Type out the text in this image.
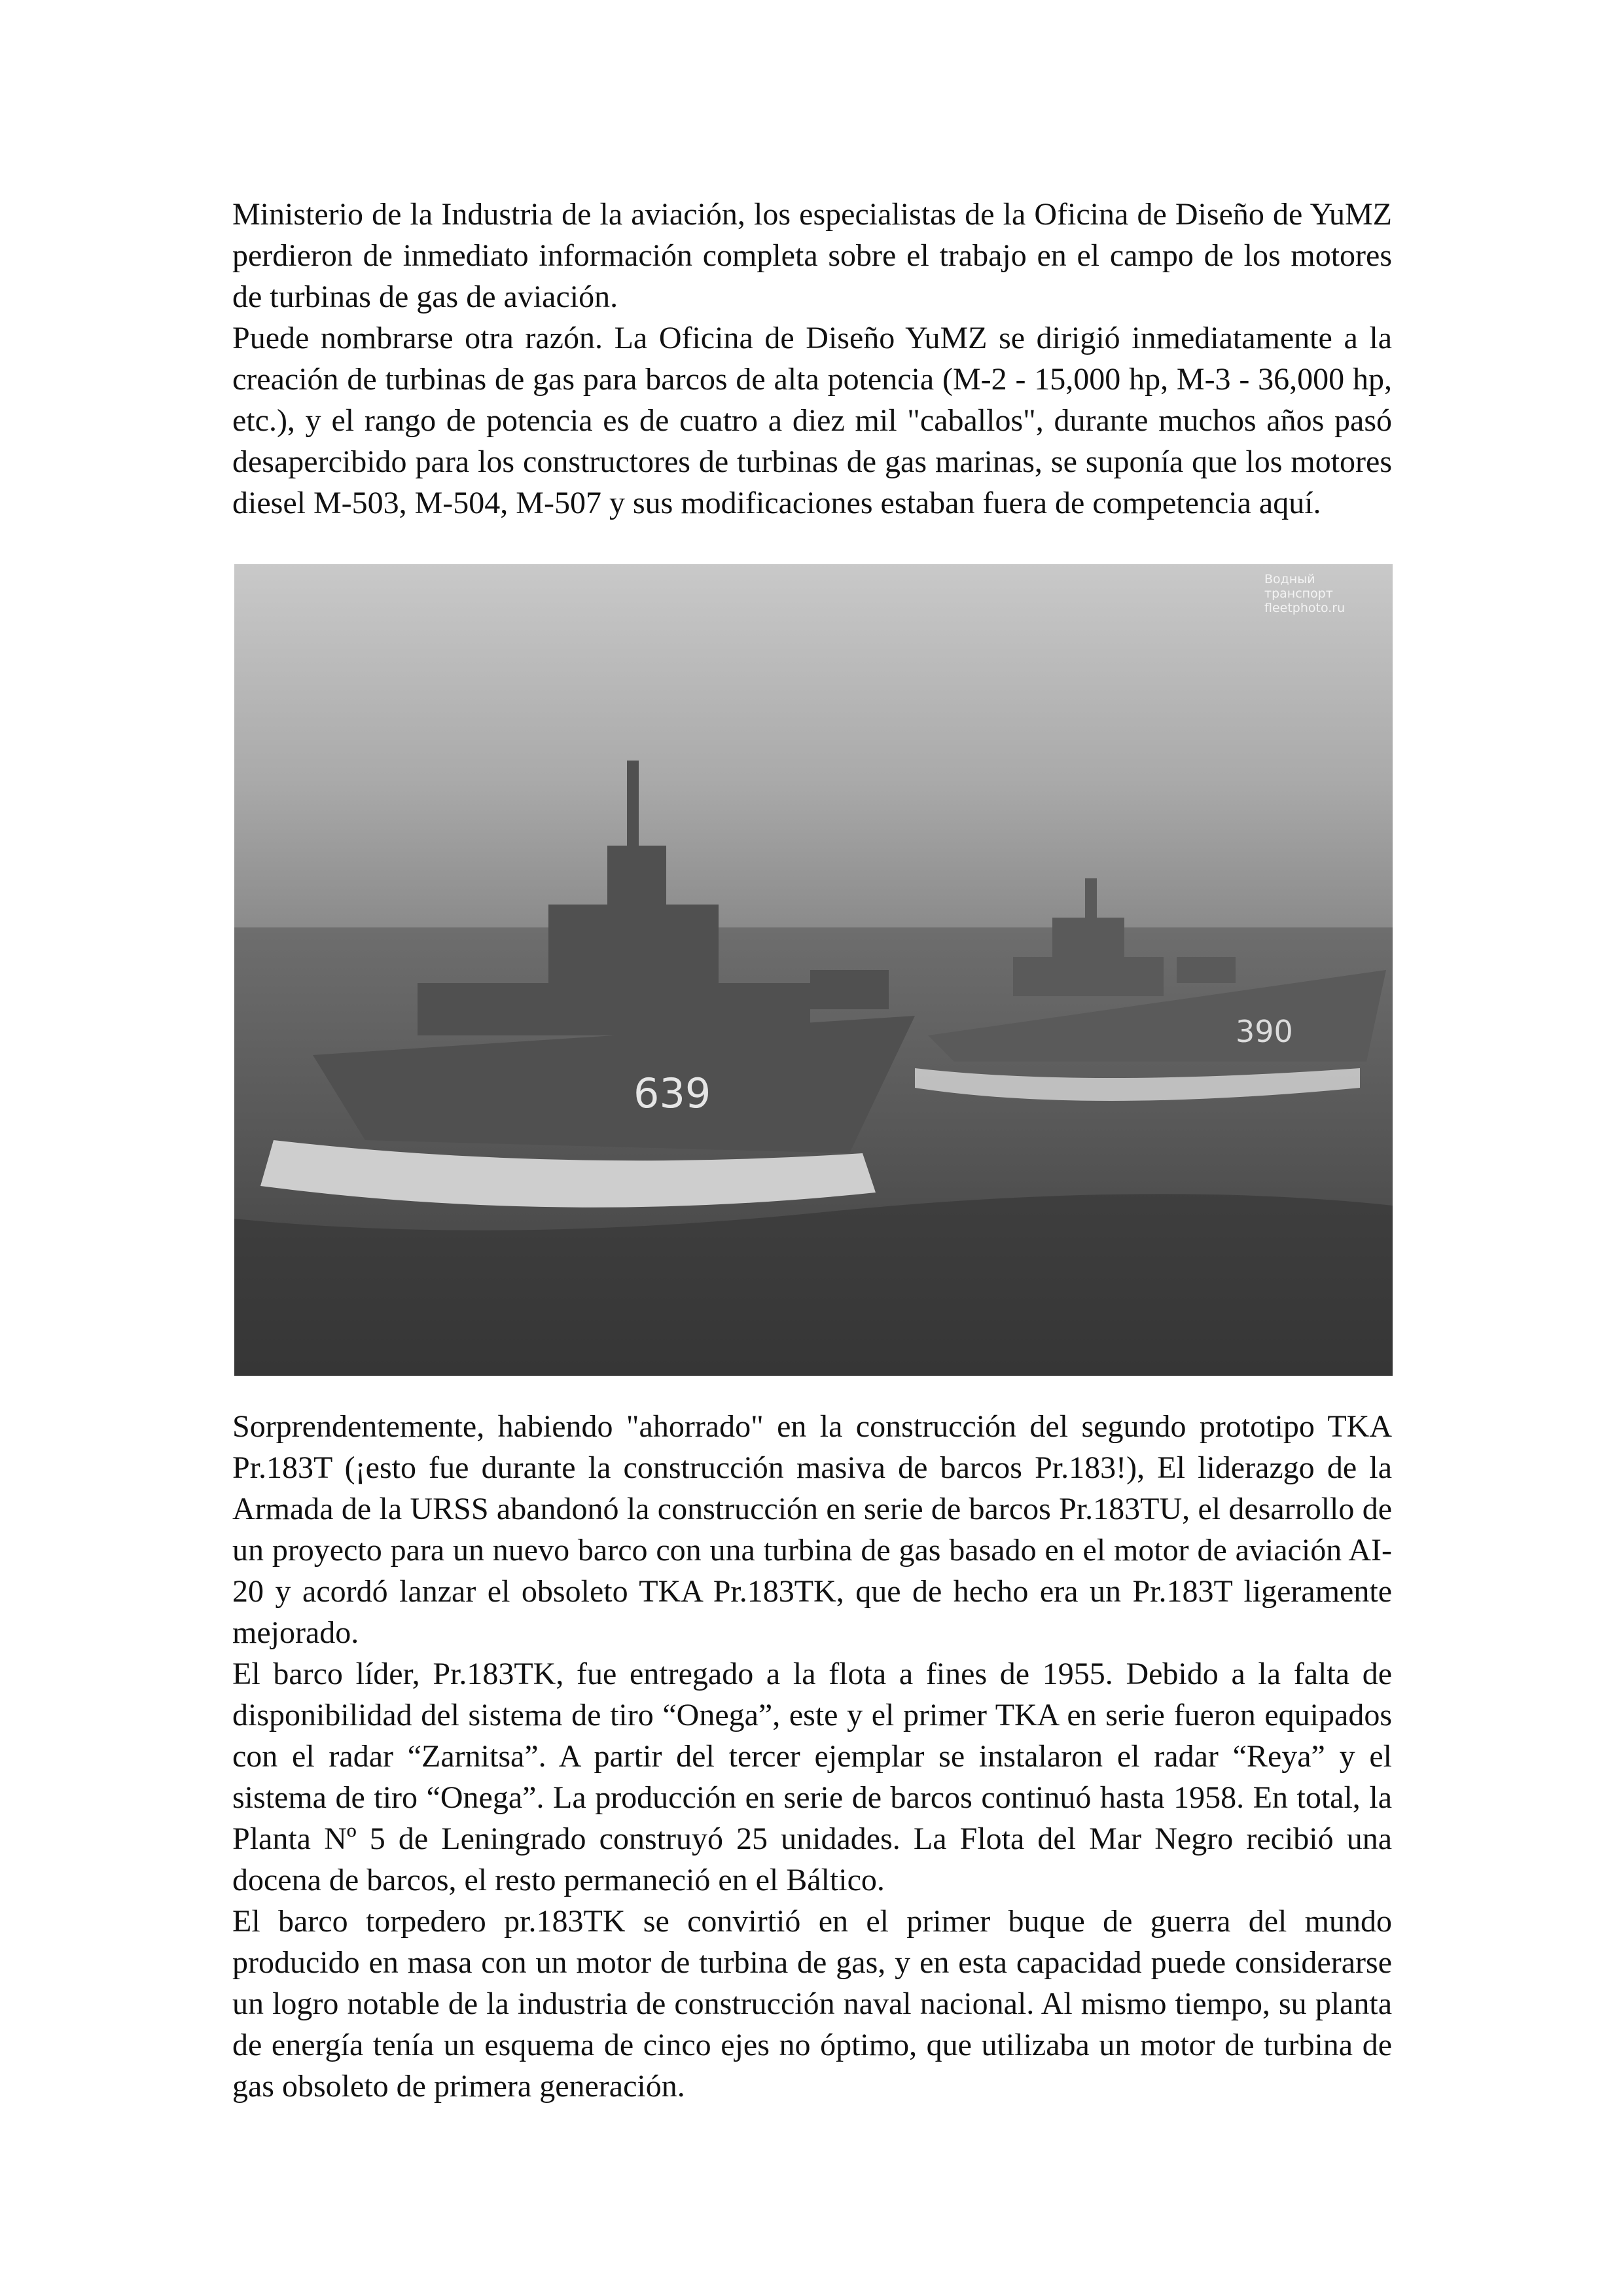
Ministerio de la Industria de la aviación, los especialistas de la Oficina de Diseño de YuMZ perdieron de inmediato información completa sobre el trabajo en el campo de los motores de turbinas de gas de aviación.

Puede nombrarse otra razón. La Oficina de Diseño YuMZ se dirigió inmediatamente a la creación de turbinas de gas para barcos de alta potencia (M-2 - 15,000 hp, M-3 - 36,000 hp, etc.), y el rango de potencia es de cuatro a diez mil "caballos", durante muchos años pasó desapercibido para los constructores de turbinas de gas marinas, se suponía que los motores diesel M-503, M-504, M-507 y sus modificaciones estaban fuera de competencia aquí.

390
639
Водный
транспорт
fleetphoto.ru

Sorprendentemente, habiendo "ahorrado" en la construcción del segundo prototipo TKA Pr.183T (¡esto fue durante la construcción masiva de barcos Pr.183!), El liderazgo de la Armada de la URSS abandonó la construcción en serie de barcos Pr.183TU, el desarrollo de un proyecto para un nuevo barco con una turbina de gas basado en el motor de aviación AI-20 y acordó lanzar el obsoleto TKA Pr.183TK, que de hecho era un Pr.183T ligeramente mejorado.

El barco líder, Pr.183TK, fue entregado a la flota a fines de 1955. Debido a la falta de disponibilidad del sistema de tiro “Onega”, este y el primer TKA en serie fueron equipados con el radar “Zarnitsa”. A partir del tercer ejemplar se instalaron el radar “Reya” y el sistema de tiro “Onega”. La producción en serie de barcos continuó hasta 1958. En total, la Planta Nº 5 de Leningrado construyó 25 unidades. La Flota del Mar Negro recibió una docena de barcos, el resto permaneció en el Báltico.

El barco torpedero pr.183TK se convirtió en el primer buque de guerra del mundo producido en masa con un motor de turbina de gas, y en esta capacidad puede considerarse un logro notable de la industria de construcción naval nacional. Al mismo tiempo, su planta de energía tenía un esquema de cinco ejes no óptimo, que utilizaba un motor de turbina de gas obsoleto de primera generación.
